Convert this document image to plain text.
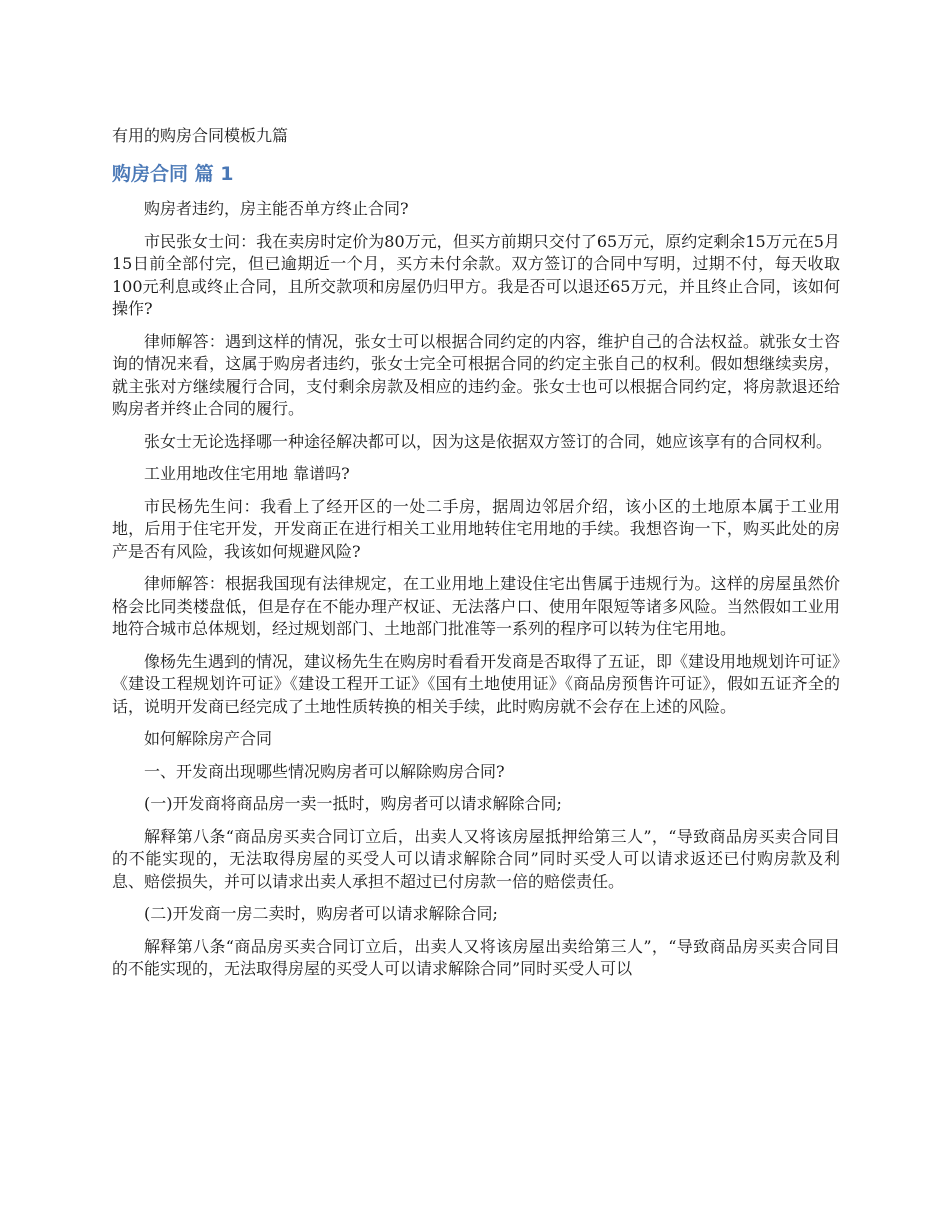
有用的购房合同模板九篇
购房合同 篇 1

购房者违约，房主能否单方终止合同?

市民张女士问：我在卖房时定价为80万元，但买方前期只交付了65万元，原约定剩余15万元在5月15日前全部付完，但已逾期近一个月，买方未付余款。双方签订的合同中写明，过期不付，每天收取100元利息或终止合同，且所交款项和房屋仍归甲方。我是否可以退还65万元，并且终止合同，该如何操作?

律师解答：遇到这样的情况，张女士可以根据合同约定的内容，维护自己的合法权益。就张女士咨询的情况来看，这属于购房者违约，张女士完全可根据合同的约定主张自己的权利。假如想继续卖房，就主张对方继续履行合同，支付剩余房款及相应的违约金。张女士也可以根据合同约定，将房款退还给购房者并终止合同的履行。

张女士无论选择哪一种途径解决都可以，因为这是依据双方签订的合同，她应该享有的合同权利。

工业用地改住宅用地 靠谱吗?

市民杨先生问：我看上了经开区的一处二手房，据周边邻居介绍，该小区的土地原本属于工业用地，后用于住宅开发，开发商正在进行相关工业用地转住宅用地的手续。我想咨询一下，购买此处的房产是否有风险，我该如何规避风险?

律师解答：根据我国现有法律规定，在工业用地上建设住宅出售属于违规行为。这样的房屋虽然价格会比同类楼盘低，但是存在不能办理产权证、无法落户口、使用年限短等诸多风险。当然假如工业用地符合城市总体规划，经过规划部门、土地部门批准等一系列的程序可以转为住宅用地。

像杨先生遇到的情况，建议杨先生在购房时看看开发商是否取得了五证，即《建设用地规划许可证》《建设工程规划许可证》《建设工程开工证》《国有土地使用证》《商品房预售许可证》，假如五证齐全的话，说明开发商已经完成了土地性质转换的相关手续，此时购房就不会存在上述的风险。

如何解除房产合同

一、开发商出现哪些情况购房者可以解除购房合同?

(一)开发商将商品房一卖一抵时，购房者可以请求解除合同;

解释第八条“商品房买卖合同订立后，出卖人又将该房屋抵押给第三人”，“导致商品房买卖合同目的不能实现的，无法取得房屋的买受人可以请求解除合同”同时买受人可以请求返还已付购房款及利息、赔偿损失，并可以请求出卖人承担不超过已付房款一倍的赔偿责任。

(二)开发商一房二卖时，购房者可以请求解除合同;

解释第八条“商品房买卖合同订立后，出卖人又将该房屋出卖给第三人”，“导致商品房买卖合同目的不能实现的，无法取得房屋的买受人可以请求解除合同”同时买受人可以
